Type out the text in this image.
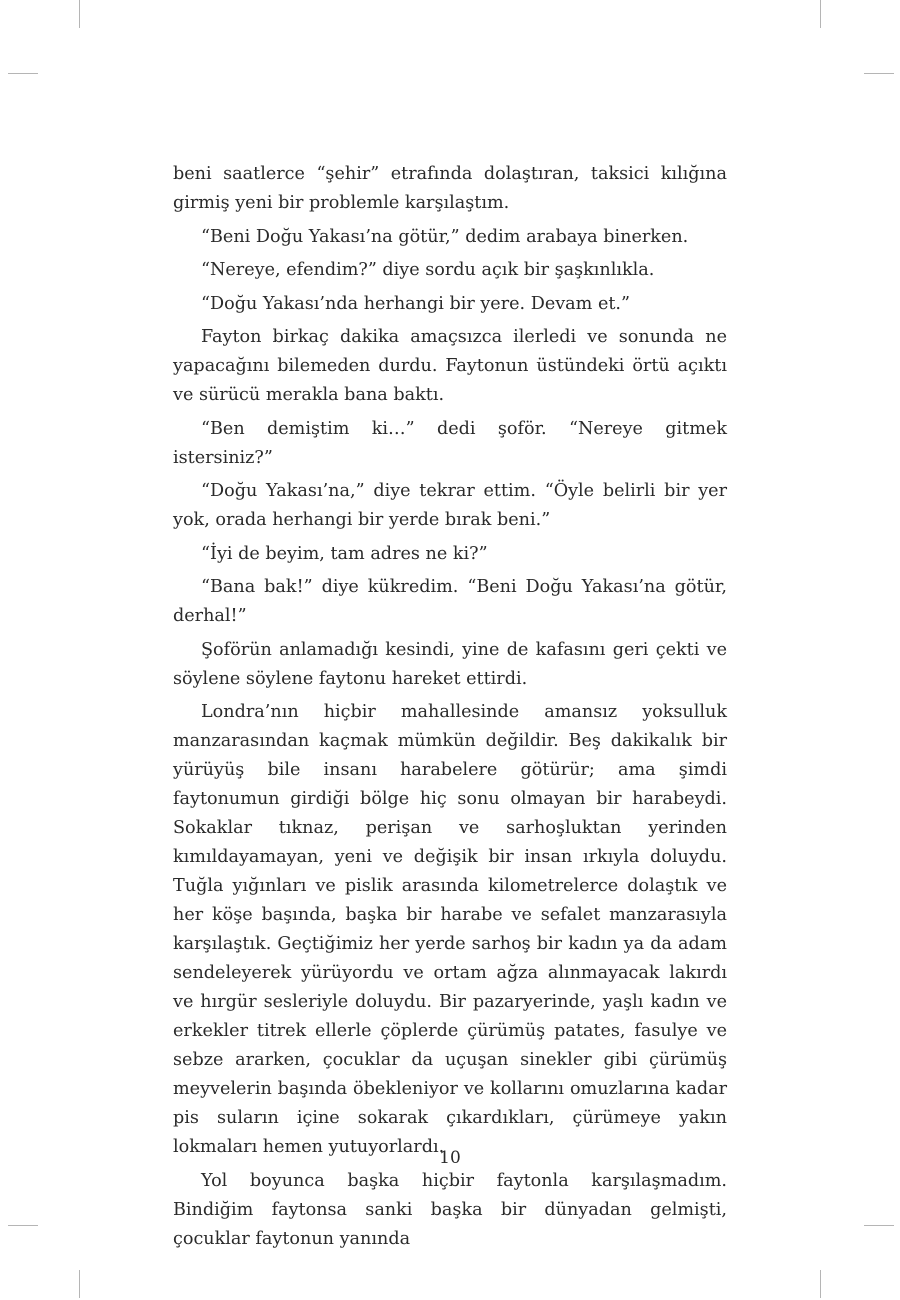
beni saatlerce “şehir” etrafında dolaştıran, taksici kılığına girmiş yeni bir problemle karşılaştım.

“Beni Doğu Yakası’na götür,” dedim arabaya binerken.

“Nereye, efendim?” diye sordu açık bir şaşkınlıkla.

“Doğu Yakası’nda herhangi bir yere. Devam et.”

Fayton birkaç dakika amaçsızca ilerledi ve sonunda ne yapacağını bilemeden durdu. Faytonun üstündeki örtü açıktı ve sürücü merakla bana baktı.

“Ben demiştim ki…” dedi şoför. “Nereye gitmek istersiniz?”

“Doğu Yakası’na,” diye tekrar ettim. “Öyle belirli bir yer yok, orada herhangi bir yerde bırak beni.”

“İyi de beyim, tam adres ne ki?”

“Bana bak!” diye kükredim. “Beni Doğu Yakası’na götür, derhal!”

Şoförün anlamadığı kesindi, yine de kafasını geri çekti ve söylene söylene faytonu hareket ettirdi.

Londra’nın hiçbir mahallesinde amansız yoksulluk manzarasından kaçmak mümkün değildir. Beş dakikalık bir yürüyüş bile insanı harabelere götürür; ama şimdi faytonumun girdiği bölge hiç sonu olmayan bir harabeydi. Sokaklar tıknaz, perişan ve sarhoşluktan yerinden kımıldayamayan, yeni ve değişik bir insan ırkıyla doluydu. Tuğla yığınları ve pislik arasında kilometrelerce dolaştık ve her köşe başında, başka bir harabe ve sefalet manzarasıyla karşılaştık. Geçtiğimiz her yerde sarhoş bir kadın ya da adam sendeleyerek yürüyordu ve ortam ağza alınmayacak lakırdı ve hırgür sesleriyle doluydu. Bir pazaryerinde, yaşlı kadın ve erkekler titrek ellerle çöplerde çürümüş patates, fasulye ve sebze ararken, çocuklar da uçuşan sinekler gibi çürümüş meyvelerin başında öbekleniyor ve kollarını omuzlarına kadar pis suların içine sokarak çıkardıkları, çürümeye yakın lokmaları hemen yutuyorlardı.

Yol boyunca başka hiçbir faytonla karşılaşmadım. Bindiğim faytonsa sanki başka bir dünyadan gelmişti, çocuklar faytonun yanında

10
